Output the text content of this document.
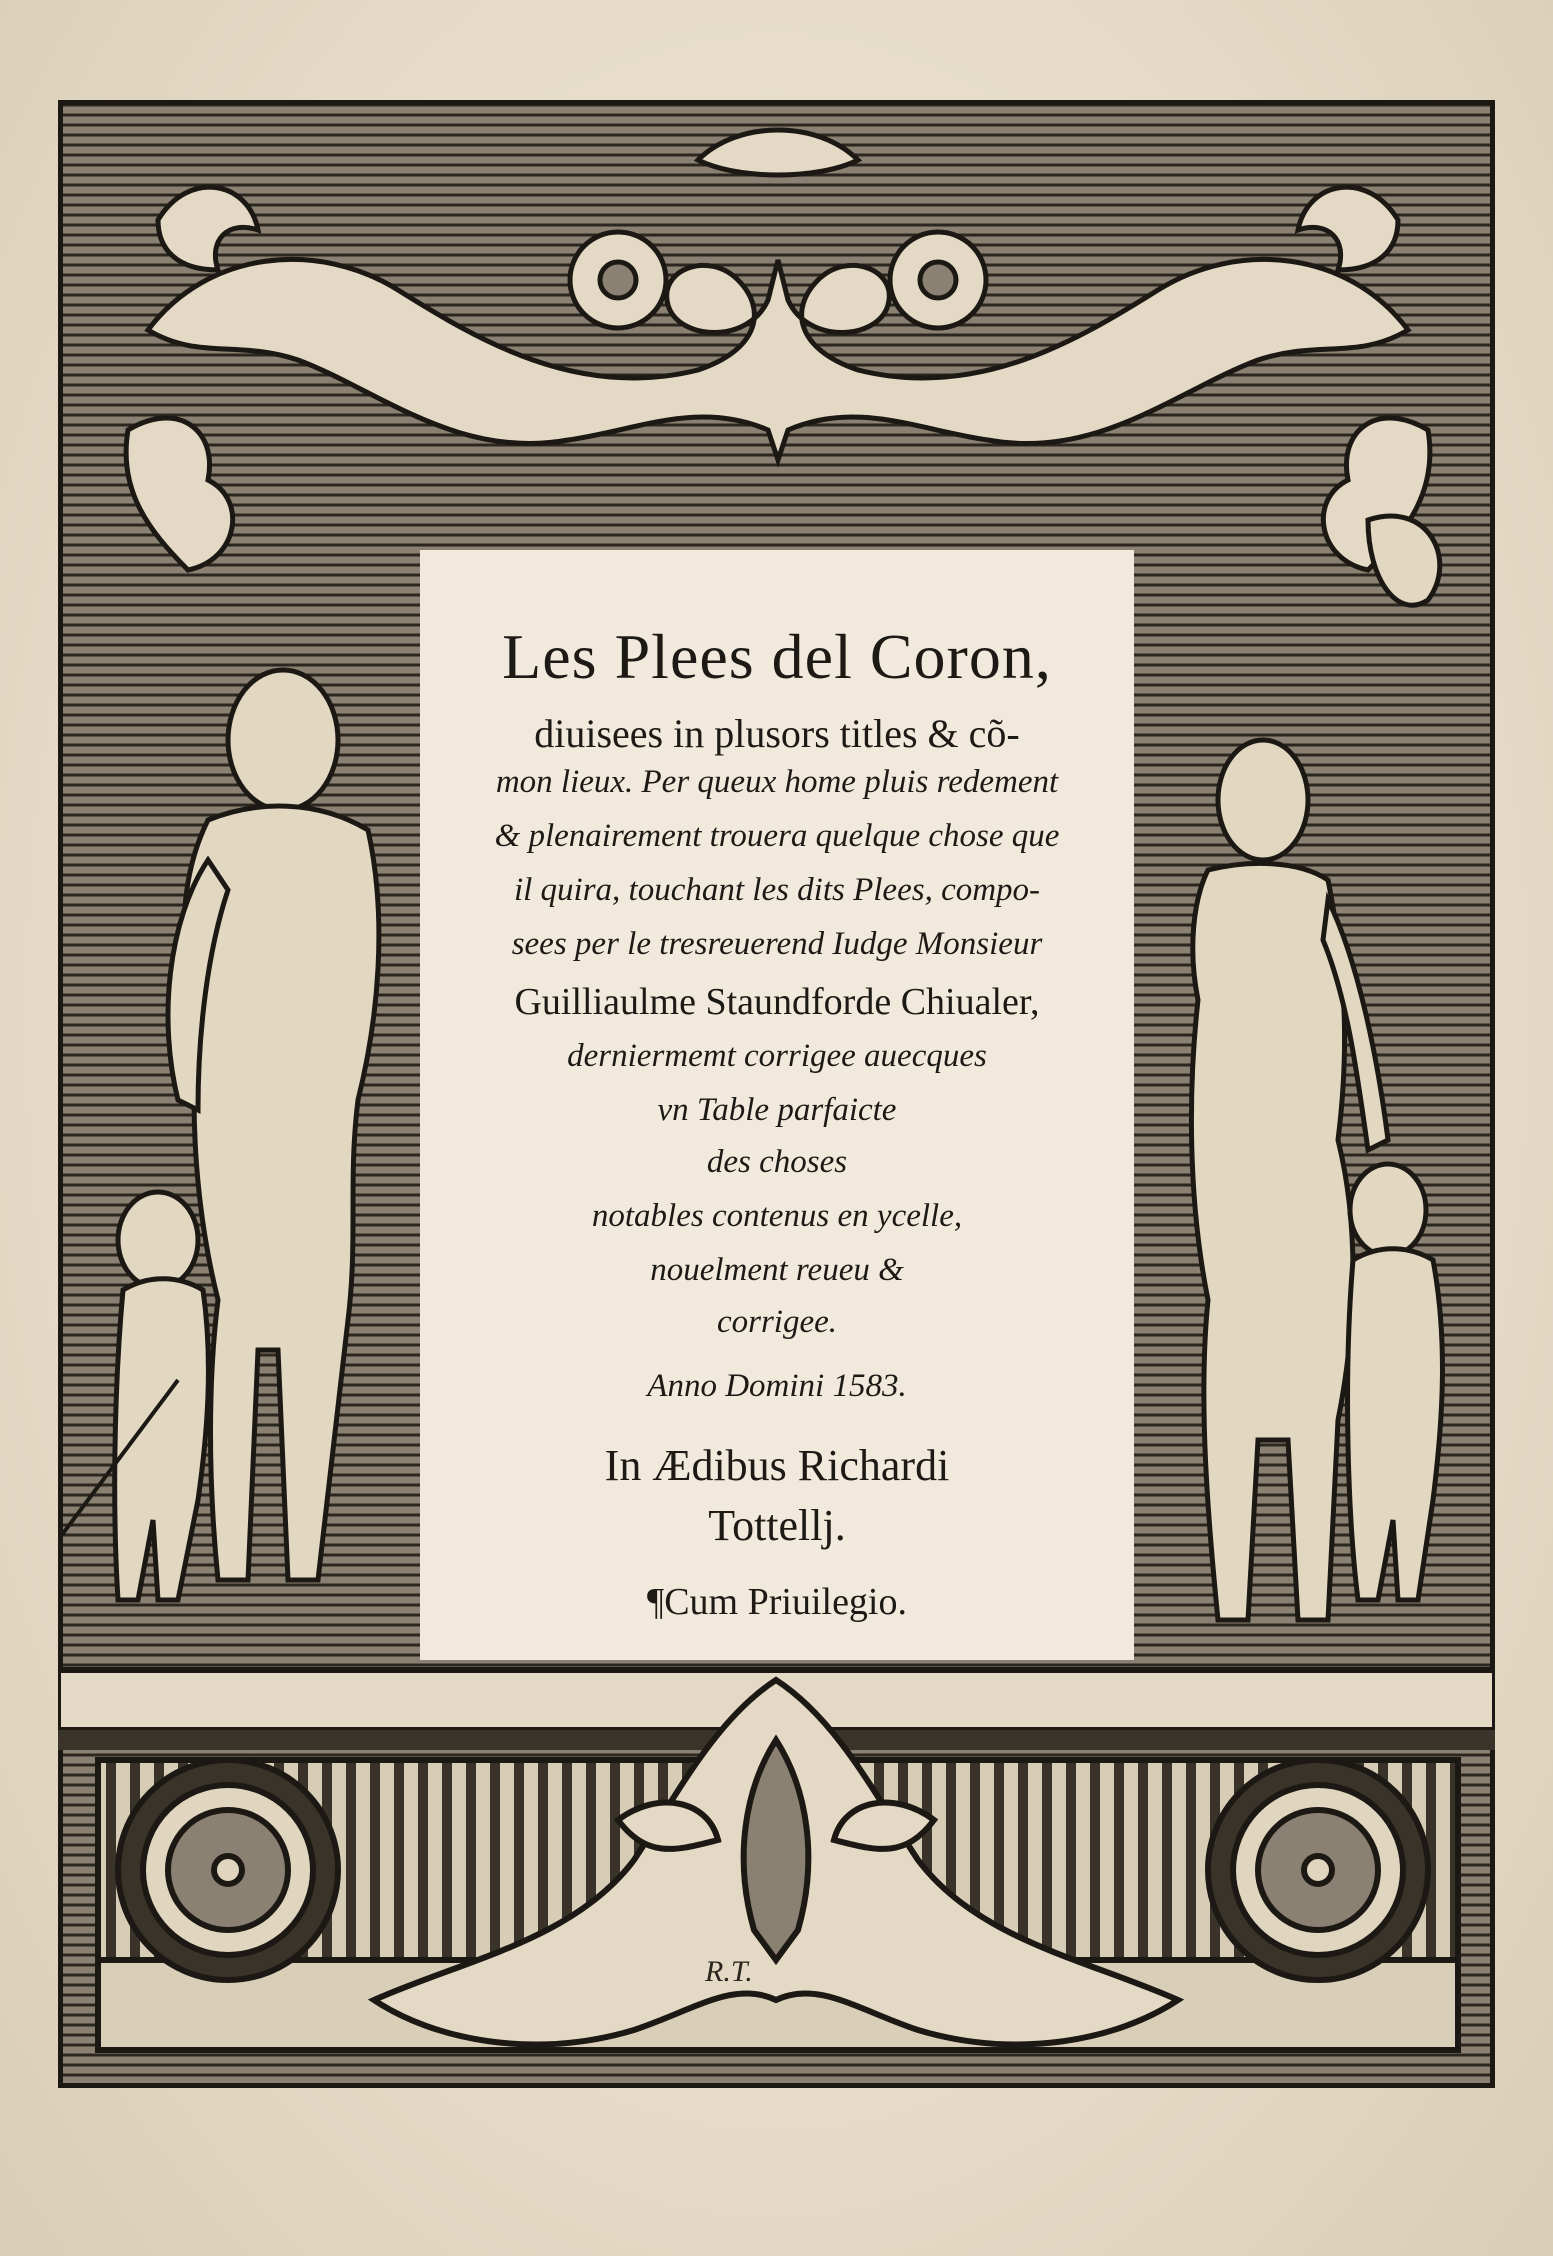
Les Plees del Coron,
diuisees in plusors titles & cõ-
mon lieux. Per queux home pluis redement
& plenairement trouera quelque chose que
il quira, touchant les dits Plees, compo-
sees per le tresreuerend Iudge Monsieur
Guilliaulme Staundforde Chiualer,
derniermemt corrigee auecques
vn Table parfaicte
des choses
notables contenus en ycelle,
nouelment reueu &
corrigee.
Anno Domini 1583.
In Ædibus Richardi
Tottellj.
¶Cum Priuilegio.
R.T.
